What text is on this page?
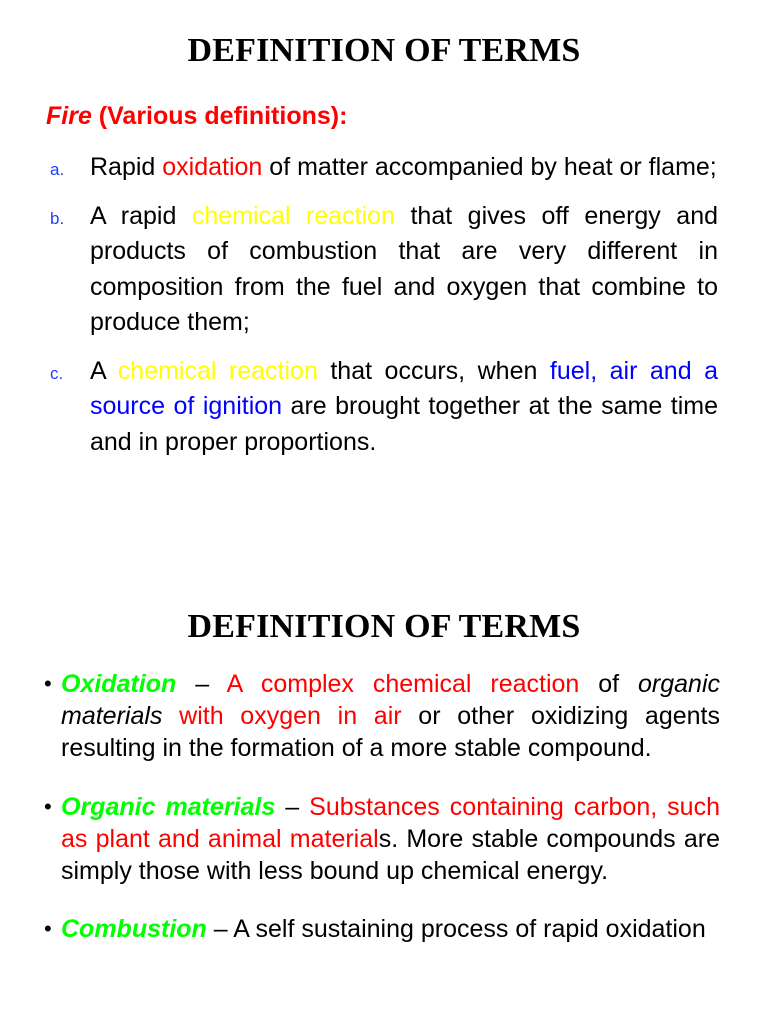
DEFINITION OF TERMS
Fire (Various definitions):
a. Rapid oxidation of matter accompanied by heat or flame;
b. A rapid chemical reaction that gives off energy and products of combustion that are very different in composition from the fuel and oxygen that combine to produce them;
c. A chemical reaction that occurs, when fuel, air and a source of ignition are brought together at the same time and in proper proportions.
DEFINITION OF TERMS
• Oxidation – A complex chemical reaction of organic materials with oxygen in air or other oxidizing agents resulting in the formation of a more stable compound.
• Organic materials – Substances containing carbon, such as plant and animal materials. More stable compounds are simply those with less bound up chemical energy.
• Combustion – A self sustaining process of rapid oxidation
